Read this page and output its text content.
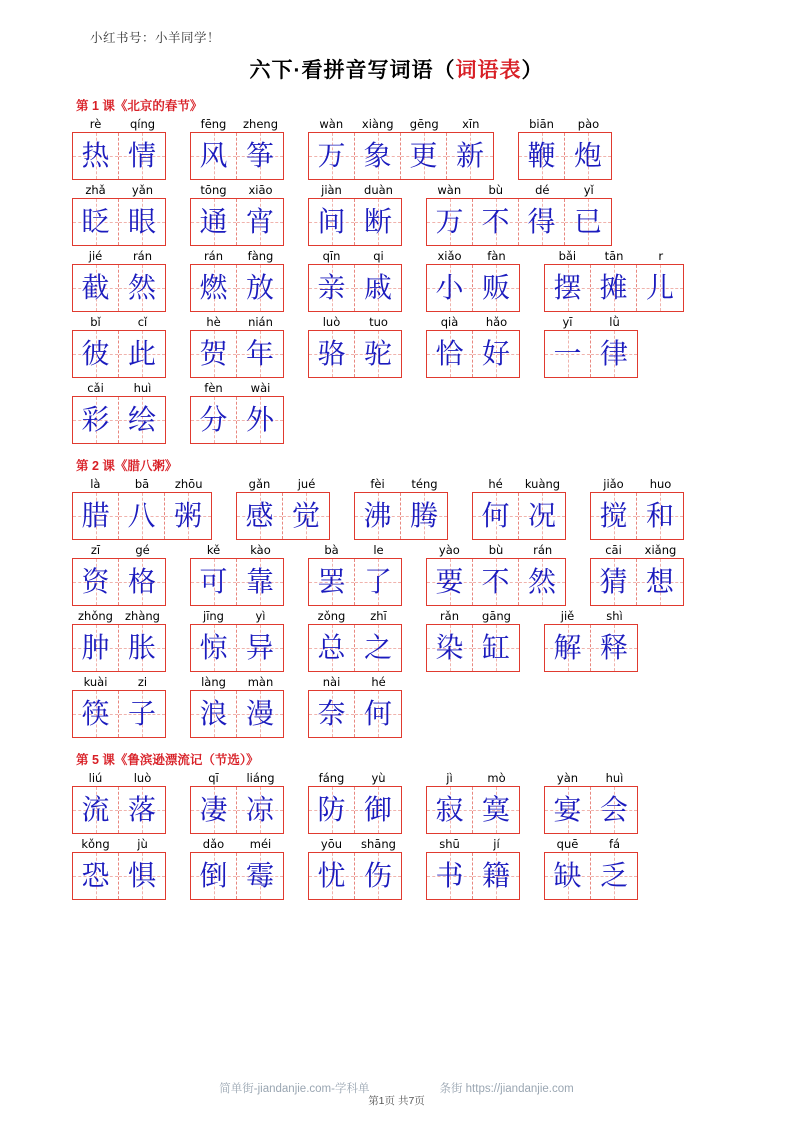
小红书号：小羊同学！
六下·看拼音写词语（词语表）
第 1 课《北京的春节》
rè	qíng
热 情
fēng	zheng
风 筝
wàn	xiàng	gēng	xīn
万 象 更 新
biān	pào
鞭 炮
zhǎ	yǎn
眨 眼
tōng	xiāo
通 宵
jiàn	duàn
间 断
wàn	bù	dé	yǐ
万 不 得 已
jié	rán
截 然
rán	fàng
燃 放
qīn	qi
亲 戚
xiǎo	fàn
小 贩
bǎi	tān	r
摆 摊 儿
bǐ	cǐ
彼 此
hè	nián
贺 年
luò	tuo
骆 驼
qià	hǎo
恰 好
yī	lǜ
一 律
cǎi	huì
彩 绘
fèn	wài
分 外
第 2 课《腊八粥》
là	bā	zhōu
腊 八 粥
gǎn	jué
感 觉
fèi	téng
沸 腾
hé	kuàng
何 况
jiǎo	huo
搅 和
zī	gé
资 格
kě	kào
可 靠
bà	le
罢 了
yào	bù	rán
要 不 然
cāi	xiǎng
猜 想
zhǒng	zhàng
肿 胀
jīng	yì
惊 异
zǒng	zhī
总 之
rǎn	gāng
染 缸
jiě	shì
解 释
kuài	zi
筷 子
làng	màn
浪 漫
nài	hé
奈 何
第 5 课《鲁滨逊漂流记（节选）》
liú	luò
流 落
qī	liáng
凄 凉
fáng	yù
防 御
jì	mò
寂 寞
yàn	huì
宴 会
kǒng	jù
恐 惧
dǎo	méi
倒 霉
yōu	shāng
忧 伤
shū	jí
书 籍
quē	fá
缺 乏
简单街-jiandanjie.com-学科单	条街 https://jiandanjie.com
第1页 共7页
